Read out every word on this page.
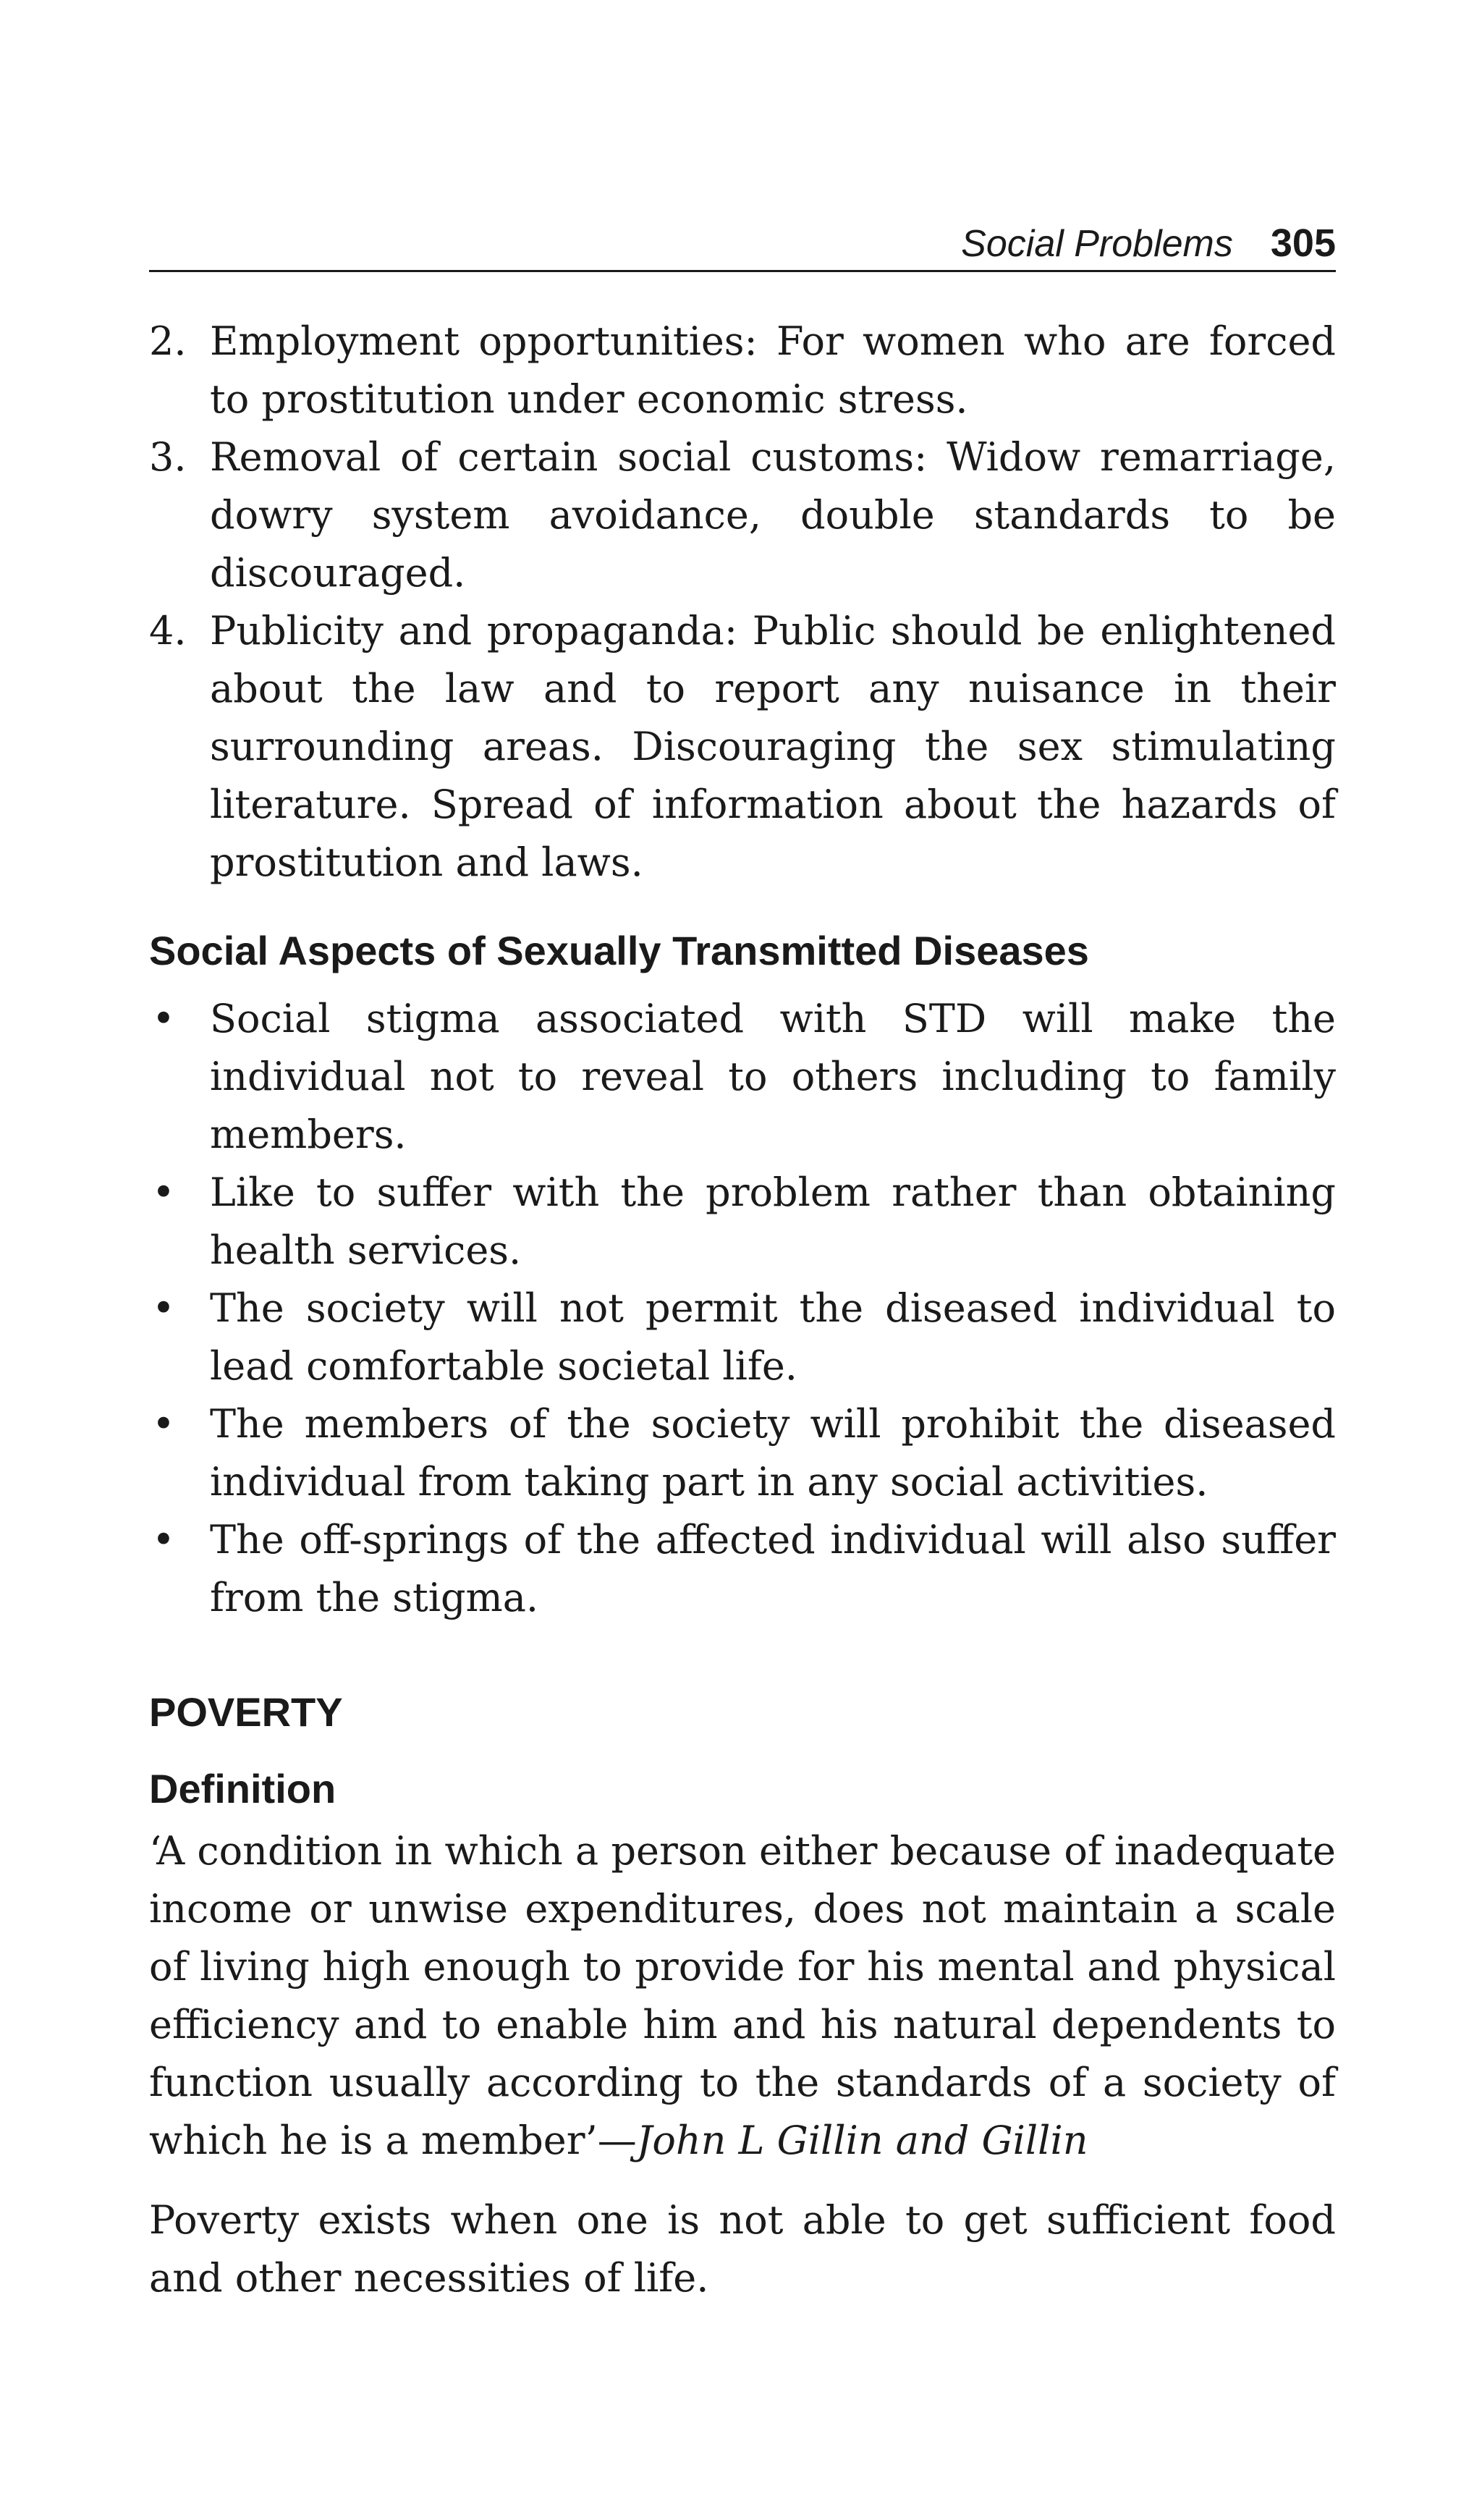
Social Problems 305
2. Employment opportunities: For women who are forced to prostitution under economic stress.
3. Removal of certain social customs: Widow remarriage, dowry system avoidance, double standards to be discouraged.
4. Publicity and propaganda: Public should be enlightened about the law and to report any nuisance in their surrounding areas. Discouraging the sex stimulating literature. Spread of information about the hazards of prostitution and laws.
Social Aspects of Sexually Transmitted Diseases
• Social stigma associated with STD will make the individual not to reveal to others including to family members.
• Like to suffer with the problem rather than obtaining health services.
• The society will not permit the diseased individual to lead comfortable societal life.
• The members of the society will prohibit the diseased individual from taking part in any social activities.
• The off-springs of the affected individual will also suffer from the stigma.
POVERTY
Definition

‘A condition in which a person either because of inadequate income or unwise expenditures, does not maintain a scale of living high enough to provide for his mental and physical efficiency and to enable him and his natural dependents to function usually according to the standards of a society of which he is a member’—John L Gillin and Gillin

Poverty exists when one is not able to get sufficient food and other necessities of life.
